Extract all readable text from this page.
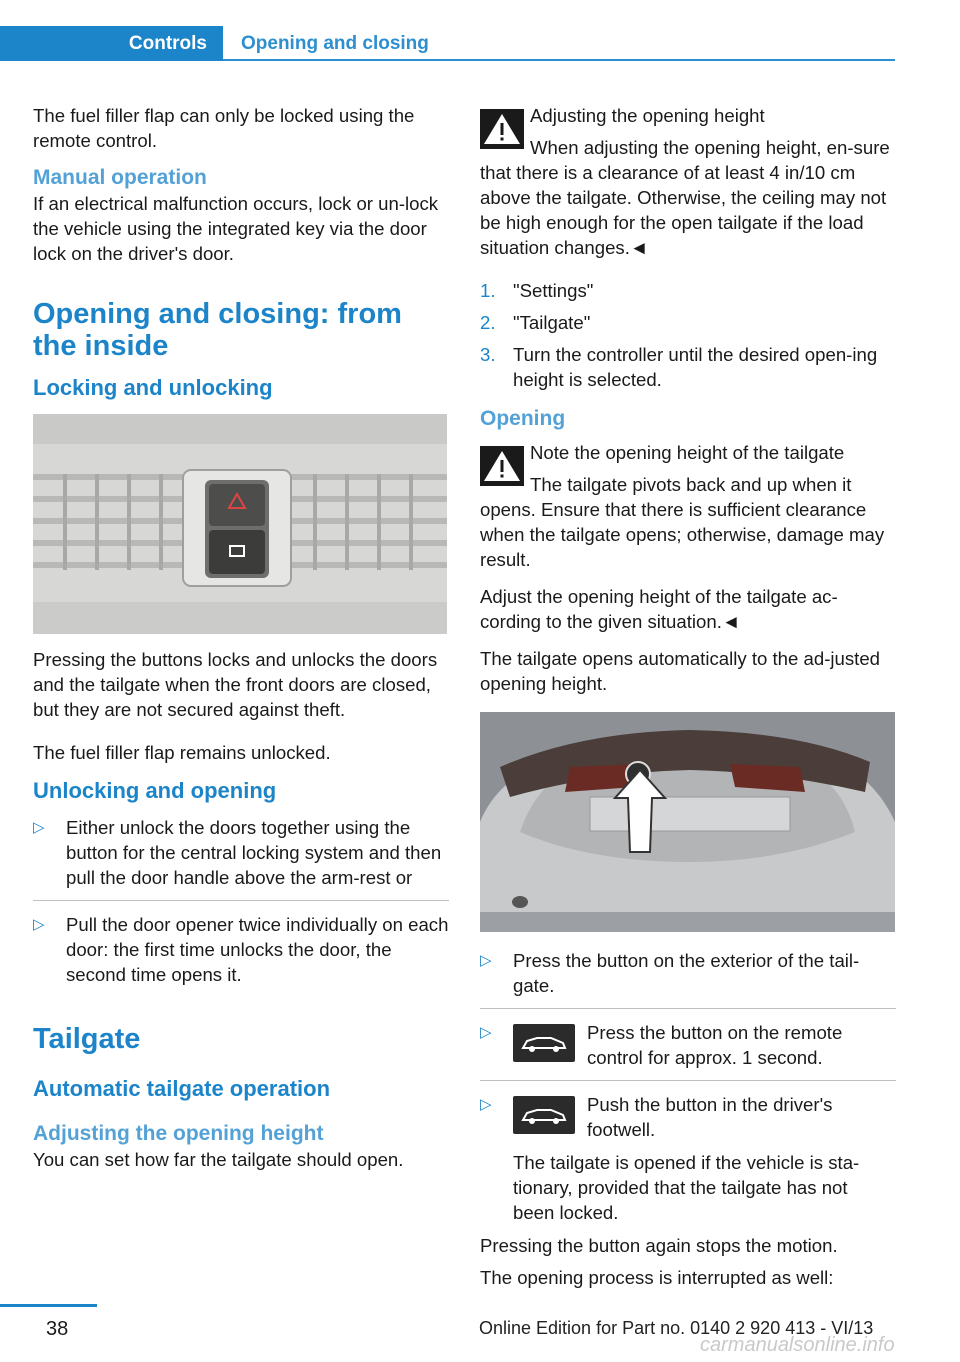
Controls	Opening and closing

The fuel filler flap can only be locked using the remote control.

Manual operation

If an electrical malfunction occurs, lock or un-lock the vehicle using the integrated key via the door lock on the driver's door.

Opening and closing: from the inside
Locking and unlocking

Pressing the buttons locks and unlocks the doors and the tailgate when the front doors are closed, but they are not secured against theft.

The fuel filler flap remains unlocked.

Unlocking and opening
▷	Either unlock the doors together using the button for the central locking system and then pull the door handle above the arm-rest or
▷	Pull the door opener twice individually on each door: the first time unlocks the door, the second time opens it.
Tailgate
Automatic tailgate operation
Adjusting the opening height

You can set how far the tailgate should open.

Adjusting the opening height
When adjusting the opening height, en-sure that there is a clearance of at least 4 in/10 cm above the tailgate. Otherwise, the ceiling may not be high enough for the open tailgate if the load situation changes.◄
1. "Settings"
2. "Tailgate"
3. Turn the controller until the desired open-ing height is selected.
Opening
Note the opening height of the tailgate
The tailgate pivots back and up when it opens. Ensure that there is sufficient clearance when the tailgate opens; otherwise, damage may result.

Adjust the opening height of the tailgate ac-cording to the given situation.◄

The tailgate opens automatically to the ad-justed opening height.

▷	Press the button on the exterior of the tail-gate.
▷	Press the button on the remote control for approx. 1 second.
▷	Push the button in the driver's footwell.
The tailgate is opened if the vehicle is sta-tionary, provided that the tailgate has not been locked.

Pressing the button again stops the motion.

The opening process is interrupted as well:

38	Online Edition for Part no. 0140 2 920 413 - VI/13
carmanualsonline.info
